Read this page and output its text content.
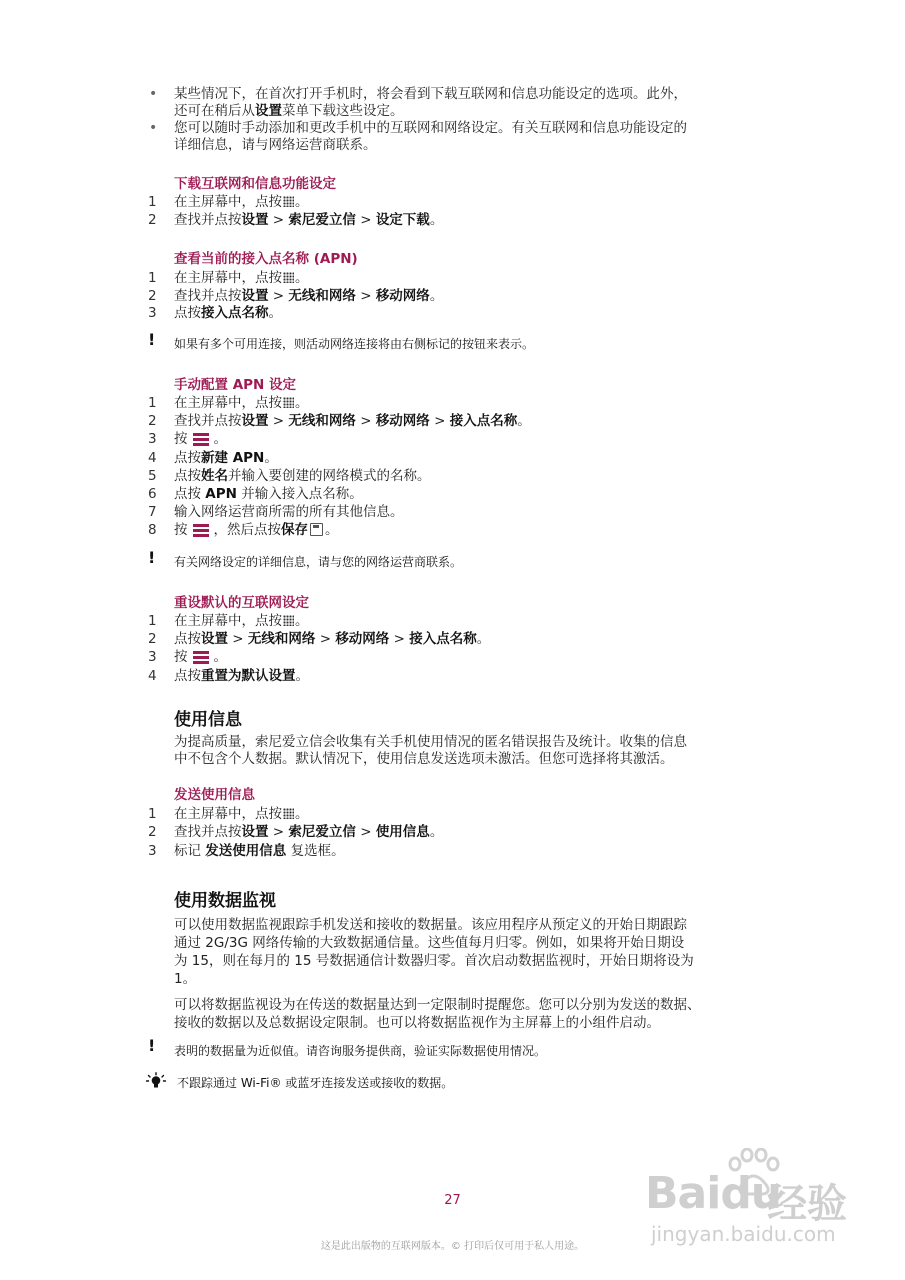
• 某些情况下，在首次打开手机时，将会看到下载互联网和信息功能设定的选项。此外，
还可在稍后从设置菜单下载这些设定。
• 您可以随时手动添加和更改手机中的互联网和网络设定。有关互联网和信息功能设定的
详细信息，请与网络运营商联系。
下载互联网和信息功能设定
1 在主屏幕中，点按 。
2 查找并点按设置 > 索尼爱立信 > 设定下载。
查看当前的接入点名称 (APN)
1 在主屏幕中，点按 。
2 查找并点按设置 > 无线和网络 > 移动网络。
3 点按接入点名称。
! 如果有多个可用连接，则活动网络连接将由右侧标记的按钮来表示。
手动配置 APN 设定
1 在主屏幕中，点按 。
2 查找并点按设置 > 无线和网络 > 移动网络 > 接入点名称。
3 按 。
4 点按新建 APN。
5 点按姓名并输入要创建的网络模式的名称。
6 点按 APN 并输入接入点名称。
7 输入网络运营商所需的所有其他信息。
8 按 ，然后点按保存 。
! 有关网络设定的详细信息，请与您的网络运营商联系。
重设默认的互联网设定
1 在主屏幕中，点按 。
2 点按设置 > 无线和网络 > 移动网络 > 接入点名称。
3 按 。
4 点按重置为默认设置。
使用信息
为提高质量，索尼爱立信会收集有关手机使用情况的匿名错误报告及统计。收集的信息
中不包含个人数据。默认情况下，使用信息发送选项未激活。但您可选择将其激活。
发送使用信息
1 在主屏幕中，点按 。
2 查找并点按设置 > 索尼爱立信 > 使用信息。
3 标记 发送使用信息 复选框。
使用数据监视
可以使用数据监视跟踪手机发送和接收的数据量。该应用程序从预定义的开始日期跟踪
通过 2G/3G 网络传输的大致数据通信量。这些值每月归零。例如，如果将开始日期设
为 15，则在每月的 15 号数据通信计数器归零。首次启动数据监视时，开始日期将设为
1。
可以将数据监视设为在传送的数据量达到一定限制时提醒您。您可以分别为发送的数据、
接收的数据以及总数据设定限制。也可以将数据监视作为主屏幕上的小组件启动。
! 表明的数据量为近似值。请咨询服务提供商，验证实际数据使用情况。
不跟踪通过 Wi-Fi® 或蓝牙连接发送或接收的数据。
Baidu
经验
jingyan.baidu.com
27
这是此出版物的互联网版本。© 打印后仅可用于私人用途。
